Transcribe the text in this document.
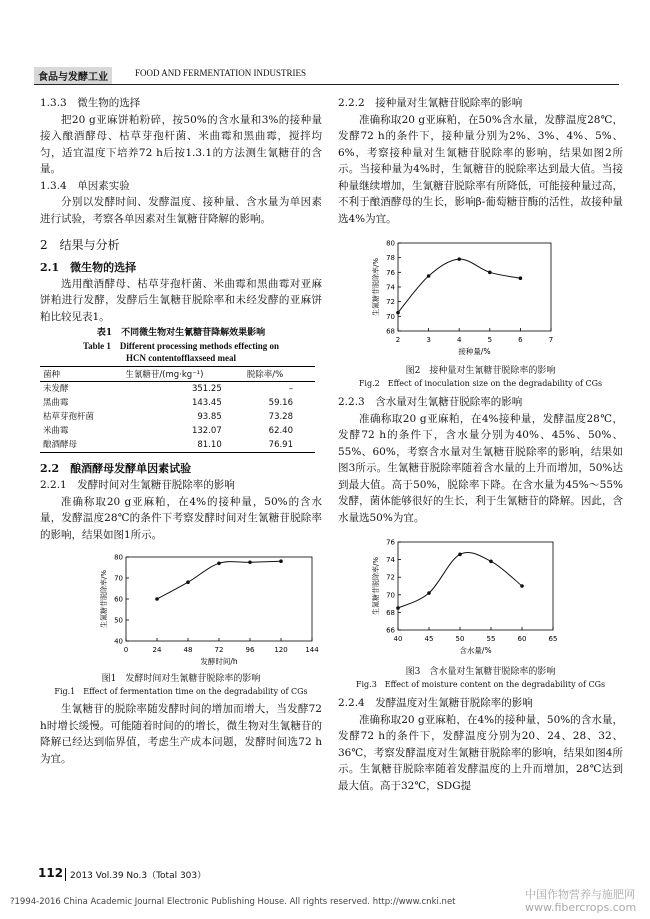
食品与发酵工业	FOOD AND FERMENTATION INDUSTRIES

1.3.3　微生物的选择

把20 g亚麻饼粕粉碎，按50%的含水量和3%的接种量接入酿酒酵母、枯草芽孢杆菌、米曲霉和黑曲霉，搅拌均匀，适宜温度下培养72 h后按1.3.1的方法测生氰糖苷的含量。

1.3.4　单因素实验

分别以发酵时间、发酵温度、接种量、含水量为单因素进行试验，考察各单因素对生氰糖苷降解的影响。

2　结果与分析

2.1　微生物的选择

选用酿酒酵母、枯草芽孢杆菌、米曲霉和黑曲霉对亚麻饼粕进行发酵，发酵后生氰糖苷脱除率和未经发酵的亚麻饼粕比较见表1。

表1　不同微生物对生氰糖苷降解效果影响
Table 1　Different processing methods effecting on
HCN contentofflaxseed meal
菌种	生氰糖苷/(mg·kg⁻¹)	脱除率/%
未发酵	351.25	–
黑曲霉	143.45	59.16
枯草芽孢杆菌	93.85	73.28
米曲霉	132.07	62.40
酿酒酵母	81.10	76.91

2.2　酿酒酵母发酵单因素试验

2.2.1　发酵时间对生氰糖苷脱除率的影响

准确称取20 g亚麻粕，在4%的接种量，50%的含水量，发酵温度28℃的条件下考察发酵时间对生氰糖苷脱除率的影响，结果如图1所示。

0	24	48	72	96	120	144
40
50
60
70
80
发酵时间/h
生氰糖苷脱除率/%
图1　发酵时间对生氰糖苷脱除率的影响
Fig.1　Effect of fermentation time on the degradability of CGs

生氰糖苷的脱除率随发酵时间的增加而增大，当发酵72 h时增长缓慢。可能随着时间的的增长，微生物对生氰糖苷的降解已经达到临界值，考虑生产成本问题，发酵时间选72 h为宜。

2.2.2　接种量对生氰糖苷脱除率的影响

准确称取20 g亚麻粕，在50%含水量，发酵温度28℃，发酵72 h的条件下，接种量分别为2%、3%、4%、5%、6%，考察接种量对生氰糖苷脱除率的影响，结果如图2所示。当接种量为4%时，生氰糖苷的脱除率达到最大值。当接种量继续增加，生氰糖苷脱除率有所降低，可能接种量过高，不利于酿酒酵母的生长，影响β-葡萄糖苷酶的活性，故接种量选4%为宜。

2	3	4	5	6	7
68
70
72
74
76
78
80
接种量/%
生氰糖苷脱除率/%
图2　接种量对生氰糖苷脱除率的影响
Fig.2　Effect of inoculation size on the degradability of CGs

2.2.3　含水量对生氰糖苷脱除率的影响

准确称取20 g亚麻粕，在4%接种量，发酵温度28℃，发酵72 h的条件下，含水量分别为40%、45%、50%、55%、60%，考察含水量对生氰糖苷脱除率的影响，结果如图3所示。生氰糖苷脱除率随着含水量的上升而增加，50%达到最大值。高于50%，脱除率下降。在含水量为45%～55%发酵，菌体能够很好的生长，利于生氰糖苷的降解。因此，含水量选50%为宜。

40	45	50	55	60	65
66
68
70
72
74
76
含水量/%
生氰糖苷脱除率/%
图3　含水量对生氰糖苷脱除率的影响
Fig.3　Effect of moisture content on the degradability of CGs

2.2.4　发酵温度对生氰糖苷脱除率的影响

准确称取20 g亚麻粕，在4%的接种量，50%的含水量，发酵72 h的条件下，发酵温度分别为20、24、28、32、36℃，考察发酵温度对生氰糖苷脱除率的影响，结果如图4所示。生氰糖苷脱除率随着发酵温度的上升而增加，28℃达到最大值。高于32℃，SDG提

112 2013 Vol.39 No.3（Total 303）
?1994-2016 China Academic Journal Electronic Publishing House. All rights reserved. http://www.cnki.net
中国作物营养与施肥网
www.fibercrops.com
